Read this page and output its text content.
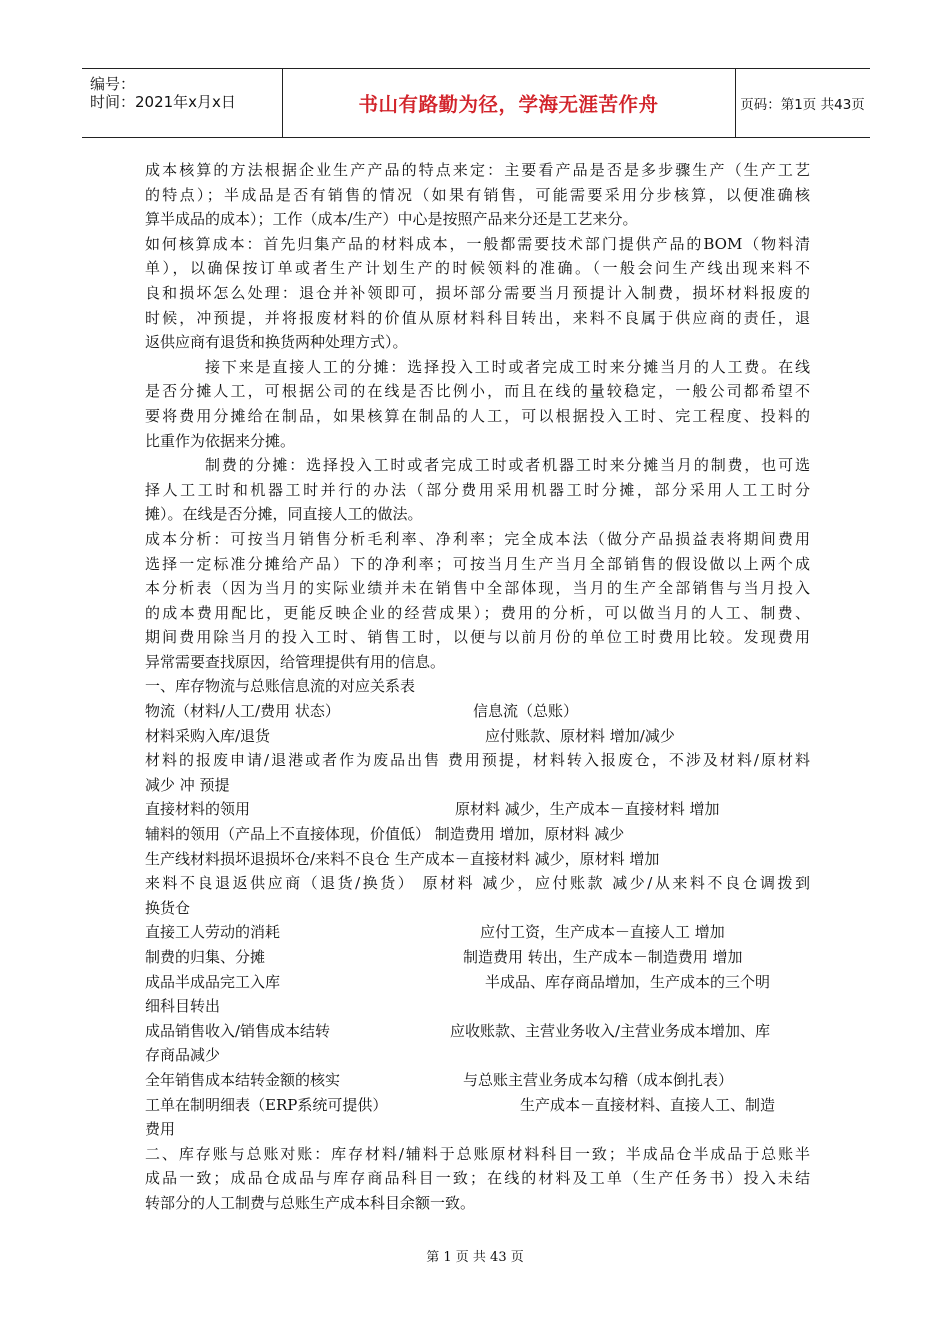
编号：
时间：2021年x月x日	书山有路勤为径，学海无涯苦作舟	页码：第1页 共43页
成本核算的方法根据企业生产产品的特点来定：主要看产品是否是多步骤生产（生产工艺
的特点）；半成品是否有销售的情况（如果有销售，可能需要采用分步核算，以便准确核
算半成品的成本）；工作（成本/生产）中心是按照产品来分还是工艺来分。
如何核算成本：首先归集产品的材料成本，一般都需要技术部门提供产品的BOM（物料清
单），以确保按订单或者生产计划生产的时候领料的准确。（一般会问生产线出现来料不
良和损坏怎么处理：退仓并补领即可，损坏部分需要当月预提计入制费，损坏材料报废的
时候，冲预提，并将报废材料的价值从原材料科目转出，来料不良属于供应商的责任，退
返供应商有退货和换货两种处理方式）。
接下来是直接人工的分摊：选择投入工时或者完成工时来分摊当月的人工费。在线
是否分摊人工，可根据公司的在线是否比例小，而且在线的量较稳定，一般公司都希望不
要将费用分摊给在制品，如果核算在制品的人工，可以根据投入工时、完工程度、投料的
比重作为依据来分摊。
制费的分摊：选择投入工时或者完成工时或者机器工时来分摊当月的制费，也可选
择人工工时和机器工时并行的办法（部分费用采用机器工时分摊，部分采用人工工时分
摊）。在线是否分摊，同直接人工的做法。
成本分析：可按当月销售分析毛利率、净利率；完全成本法（做分产品损益表将期间费用
选择一定标准分摊给产品）下的净利率；可按当月生产当月全部销售的假设做以上两个成
本分析表（因为当月的实际业绩并未在销售中全部体现，当月的生产全部销售与当月投入
的成本费用配比，更能反映企业的经营成果）；费用的分析，可以做当月的人工、制费、
期间费用除当月的投入工时、销售工时，以便与以前月份的单位工时费用比较。发现费用
异常需要查找原因，给管理提供有用的信息。
一、库存物流与总账信息流的对应关系表
物流（材料/人工/费用 状态）	信息流（总账）
材料采购入库/退货	应付账款、原材料 增加/减少
材料的报废申请/退港或者作为废品出售 费用预提，材料转入报废仓，不涉及材料/原材料
减少 冲 预提
直接材料的领用	原材料 减少，生产成本－直接材料 增加
辅料的领用（产品上不直接体现，价值低） 制造费用 增加，原材料 减少
生产线材料损坏退损坏仓/来料不良仓 生产成本－直接材料 减少，原材料 增加
来料不良退返供应商（退货/换货） 原材料 减少，应付账款 减少/从来料不良仓调拨到
换货仓
直接工人劳动的消耗	应付工资，生产成本－直接人工 增加
制费的归集、分摊	制造费用 转出，生产成本－制造费用 增加
成品半成品完工入库	半成品、库存商品增加，生产成本的三个明
细科目转出
成品销售收入/销售成本结转	应收账款、主营业务收入/主营业务成本增加、库
存商品减少
全年销售成本结转金额的核实	与总账主营业务成本勾稽（成本倒扎表）
工单在制明细表（ERP系统可提供）	生产成本－直接材料、直接人工、制造
费用
二、库存账与总账对账：库存材料/辅料于总账原材料科目一致；半成品仓半成品于总账半
成品一致；成品仓成品与库存商品科目一致；在线的材料及工单（生产任务书）投入未结
转部分的人工制费与总账生产成本科目余额一致。
第 1 页 共 43 页
